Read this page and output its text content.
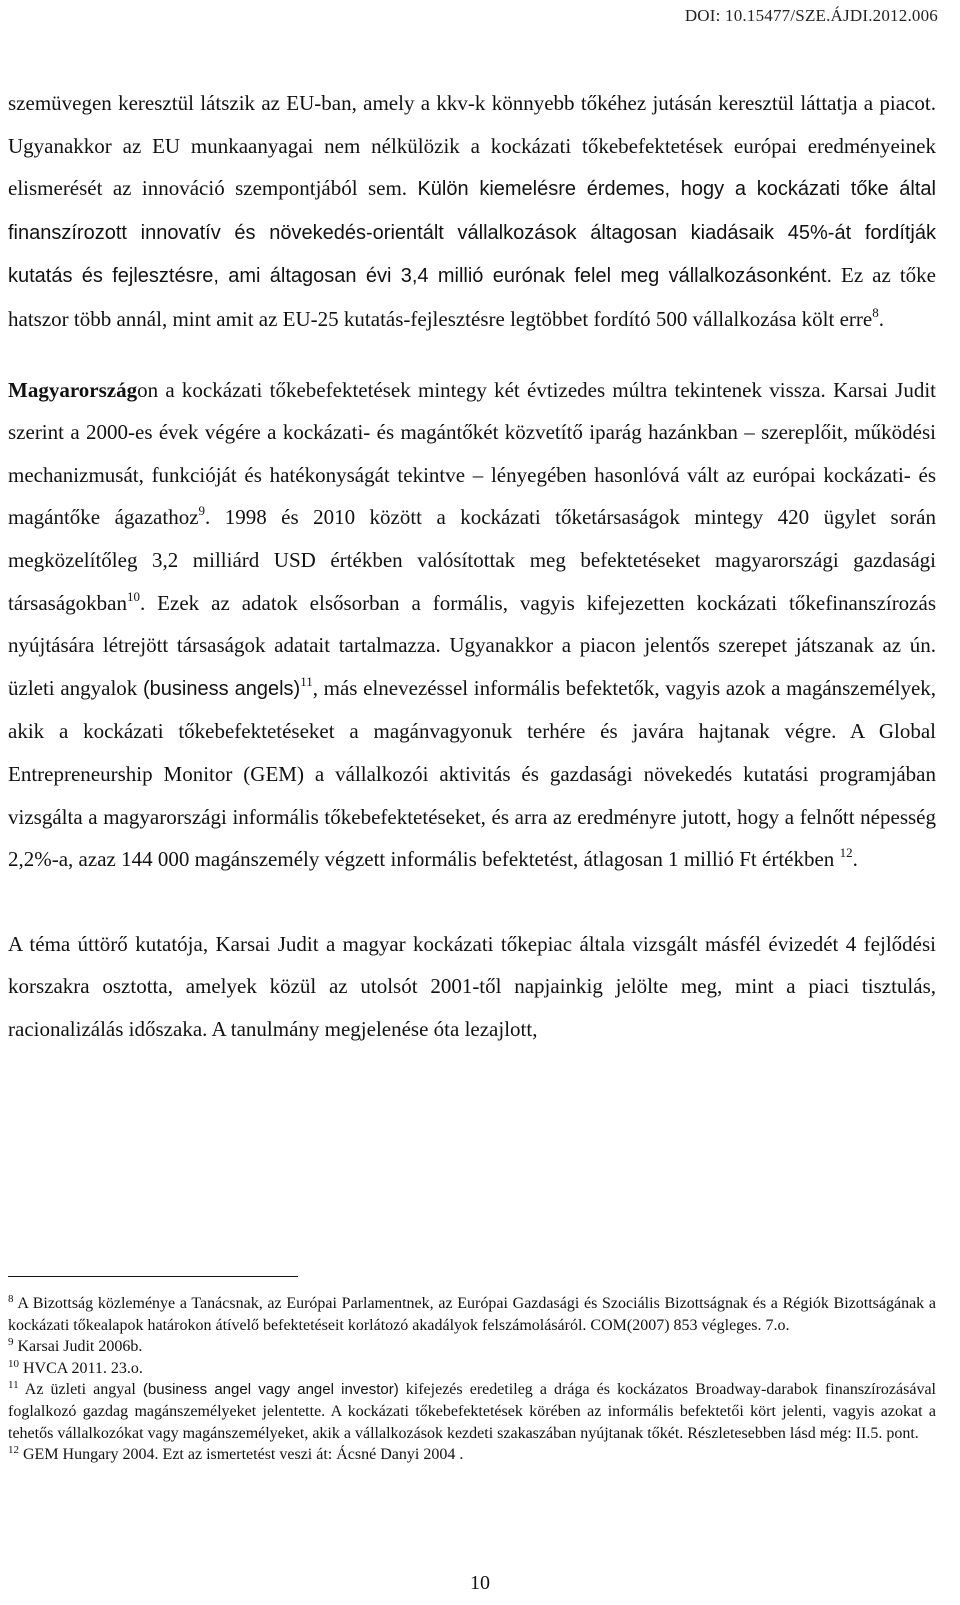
DOI: 10.15477/SZE.ÁJDI.2012.006

szemüvegen keresztül látszik az EU-ban, amely a kkv-k könnyebb tőkéhez jutásán keresztül láttatja a piacot. Ugyanakkor az EU munkaanyagai nem nélkülözik a kockázati tőkebefektetések európai eredményeinek elismerését az innováció szempontjából sem. Külön kiemelésre érdemes, hogy a kockázati tőke által finanszírozott innovatív és növekedés-orientált vállalkozások áltagosan kiadásaik 45%-át fordítják kutatás és fejlesztésre, ami áltagosan évi 3,4 millió eurónak felel meg vállalkozásonként. Ez az tőke hatszor több annál, mint amit az EU-25 kutatás-fejlesztésre legtöbbet fordító 500 vállalkozása költ erre$^8$.

Magyarországon a kockázati tőkebefektetések mintegy két évtizedes múltra tekintenek vissza. Karsai Judit szerint a 2000-es évek végére a kockázati- és magántőkét közvetítő iparág hazánkban – szereplőit, működési mechanizmusát, funkcióját és hatékonyságát tekintve – lényegében hasonlóvá vált az európai kockázati- és magántőke ágazathoz$^9$. 1998 és 2010 között a kockázati tőketársaságok mintegy 420 ügylet során megközelítőleg 3,2 milliárd USD értékben valósítottak meg befektetéseket magyarországi gazdasági társaságokban$^{10}$. Ezek az adatok elsősorban a formális, vagyis kifejezetten kockázati tőkefinanszírozás nyújtására létrejött társaságok adatait tartalmazza. Ugyanakkor a piacon jelentős szerepet játszanak az ún. üzleti angyalok (business angels)$^{11}$, más elnevezéssel informális befektetők, vagyis azok a magánszemélyek, akik a kockázati tőkebefektetéseket a magánvagyonuk terhére és javára hajtanak végre. A Global Entrepreneurship Monitor (GEM) a vállalkozói aktivitás és gazdasági növekedés kutatási programjában vizsgálta a magyarországi informális tőkebefektetéseket, és arra az eredményre jutott, hogy a felnőtt népesség 2,2%-a, azaz 144 000 magánszemély végzett informális befektetést, átlagosan 1 millió Ft értékben $^{12}$.

A téma úttörő kutatója, Karsai Judit a magyar kockázati tőkepiac általa vizsgált másfél évizedét 4 fejlődési korszakra osztotta, amelyek közül az utolsót 2001-től napjainkig jelölte meg, mint a piaci tisztulás, racionalizálás időszaka. A tanulmány megjelenése óta lezajlott,

$^8$ A Bizottság közleménye a Tanácsnak, az Európai Parlamentnek, az Európai Gazdasági és Szociális Bizottságnak és a Régiók Bizottságának a kockázati tőkealapok határokon átívelő befektetéseit korlátozó akadályok felszámolásáról. COM(2007) 853 végleges. 7.o.

$^9$ Karsai Judit 2006b.

$^{10}$ HVCA 2011. 23.o.

$^{11}$ Az üzleti angyal (business angel vagy angel investor) kifejezés eredetileg a drága és kockázatos Broadway-darabok finanszírozásával foglalkozó gazdag magánszemélyeket jelentette. A kockázati tőkebefektetések körében az informális befektetői kört jelenti, vagyis azokat a tehetős vállalkozókat vagy magánszemélyeket, akik a vállalkozások kezdeti szakaszában nyújtanak tőkét. Részletesebben lásd még: II.5. pont.

$^{12}$ GEM Hungary 2004. Ezt az ismertetést veszi át: Ácsné Danyi 2004 .

10
